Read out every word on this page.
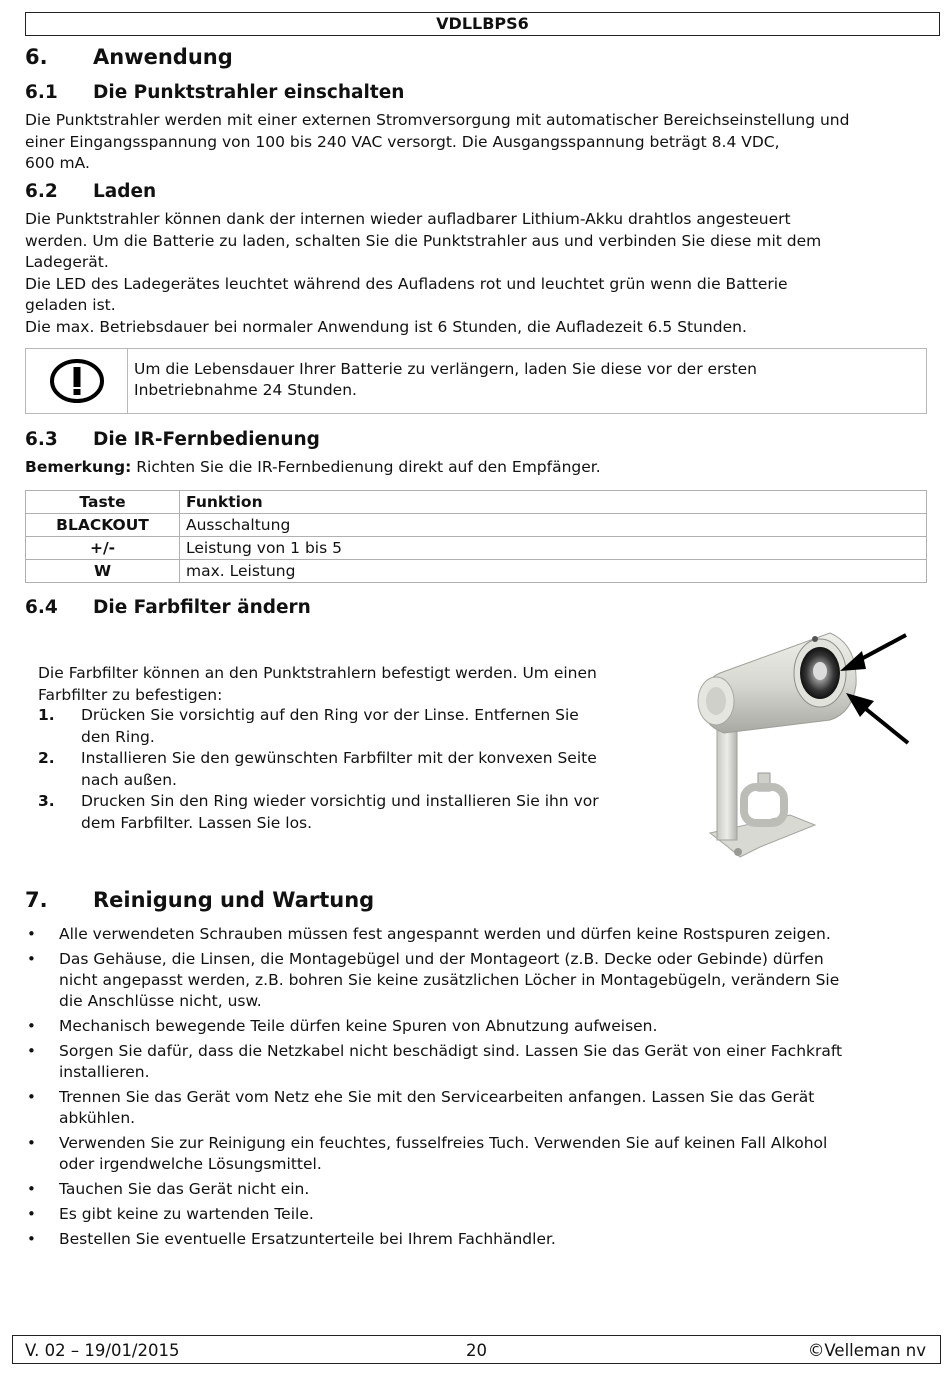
VDLLBPS6
6. Anwendung
6.1 Die Punktstrahler einschalten

Die Punktstrahler werden mit einer externen Stromversorgung mit automatischer Bereichseinstellung und

einer Eingangsspannung von 100 bis 240 VAC versorgt. Die Ausgangsspannung beträgt 8.4 VDC,

600 mA.

6.2 Laden

Die Punktstrahler können dank der internen wieder aufladbarer Lithium-Akku drahtlos angesteuert

werden. Um die Batterie zu laden, schalten Sie die Punktstrahler aus und verbinden Sie diese mit dem

Ladegerät.

Die LED des Ladegerätes leuchtet während des Aufladens rot und leuchtet grün wenn die Batterie

geladen ist.

Die max. Betriebsdauer bei normaler Anwendung ist 6 Stunden, die Aufladezeit 6.5 Stunden.

Um die Lebensdauer Ihrer Batterie zu verlängern, laden Sie diese vor der ersten
Inbetriebnahme 24 Stunden.
6.3 Die IR-Fernbedienung
Bemerkung: Richten Sie die IR-Fernbedienung direkt auf den Empfänger.
Taste	Funktion
BLACKOUT	Ausschaltung
+/-	Leistung von 1 bis 5
W	max. Leistung
6.4 Die Farbfilter ändern

Die Farbfilter können an den Punktstrahlern befestigt werden. Um einen

Farbfilter zu befestigen:

1. Drücken Sie vorsichtig auf den Ring vor der Linse. Entfernen Sie
den Ring.
2. Installieren Sie den gewünschten Farbfilter mit der konvexen Seite
nach außen.
3. Drucken Sin den Ring wieder vorsichtig und installieren Sie ihn vor
dem Farbfilter. Lassen Sie los.
7. Reinigung und Wartung
• Alle verwendeten Schrauben müssen fest angespannt werden und dürfen keine Rostspuren zeigen.
• Das Gehäuse, die Linsen, die Montagebügel und der Montageort (z.B. Decke oder Gebinde) dürfen
nicht angepasst werden, z.B. bohren Sie keine zusätzlichen Löcher in Montagebügeln, verändern Sie
die Anschlüsse nicht, usw.
• Mechanisch bewegende Teile dürfen keine Spuren von Abnutzung aufweisen.
• Sorgen Sie dafür, dass die Netzkabel nicht beschädigt sind. Lassen Sie das Gerät von einer Fachkraft
installieren.
• Trennen Sie das Gerät vom Netz ehe Sie mit den Servicearbeiten anfangen. Lassen Sie das Gerät
abkühlen.
• Verwenden Sie zur Reinigung ein feuchtes, fusselfreies Tuch. Verwenden Sie auf keinen Fall Alkohol
oder irgendwelche Lösungsmittel.
• Tauchen Sie das Gerät nicht ein.
• Es gibt keine zu wartenden Teile.
• Bestellen Sie eventuelle Ersatzunterteile bei Ihrem Fachhändler.
V. 02 – 19/01/2015	20	©Velleman nv
